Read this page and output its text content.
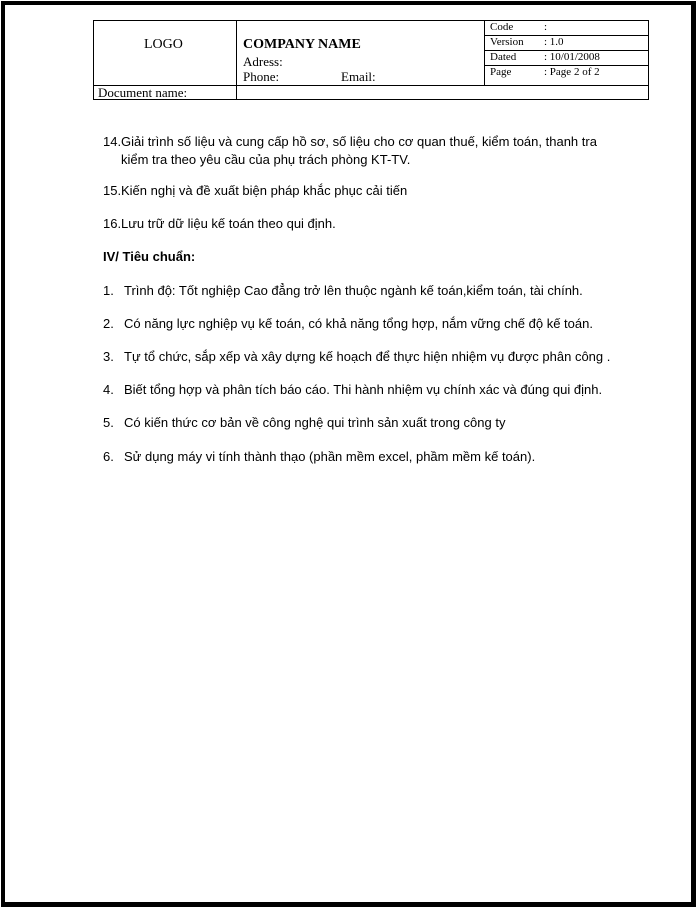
LOGO	COMPANY NAME
Adress:
Phone:	Email:
Code	:
Version : 1.0
Dated	: 10/01/2008
Page	: Page 2 of 2
Document name:
14.Giải trình số liệu và cung cấp hồ sơ, số liệu cho cơ quan thuế, kiểm toán, thanh tra
kiểm tra theo yêu cầu của phụ trách phòng KT-TV.
15.Kiến nghị và đề xuất biện pháp khắc phục cải tiến
16.Lưu trữ dữ liệu kế toán theo qui định.
IV/ Tiêu chuẩn:
1. Trình độ: Tốt nghiệp Cao đẳng trở lên thuộc ngành kế toán,kiểm toán, tài chính.
2. Có năng lực nghiệp vụ kế toán, có khả năng tổng hợp, nắm vững chế độ kế toán.
3. Tự tổ chức, sắp xếp và xây dựng kế hoạch để thực hiện nhiệm vụ được phân công .
4. Biết tổng hợp và phân tích báo cáo. Thi hành nhiệm vụ chính xác và đúng qui định.
5. Có kiến thức cơ bản về công nghệ qui trình sản xuất trong công ty
6. Sử dụng máy vi tính thành thạo (phần mềm excel, phầm mềm kế toán).
